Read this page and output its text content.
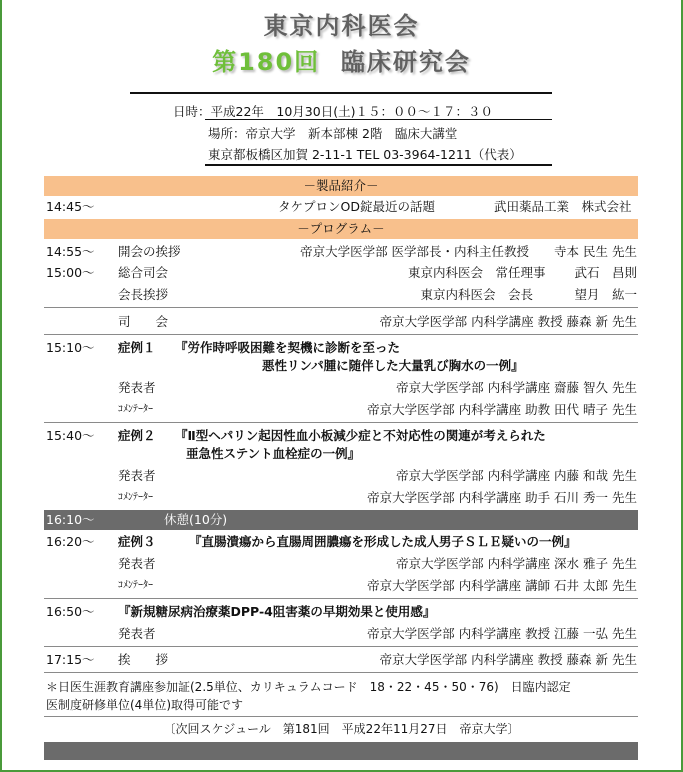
東京内科医会
第180回 臨床研究会
日時：平成22年　10月30日(土)１５：００～１７：３０
場所：帝京大学　新本部棟 2階　臨床大講堂
東京都板橋区加賀 2-11-1 TEL 03-3964-1211（代表）
－製品紹介－
14:45～	タケプロンOD錠最近の話題	武田薬品工業　株式会社
－プログラム－
14:55～ 開会の挨拶	帝京大学医学部 医学部長・内科主任教授　　寺本 民生 先生
15:00～ 総合司会	東京内科医会　常任理事　　 武石　昌則
会長挨拶	東京内科医会　会長　　　 望月　紘一
司　　会	帝京大学医学部 内科学講座 教授 藤森 新 先生
15:10～ 症例１ 『労作時呼吸困難を契機に診断を至った
悪性リンパ腫に随伴した大量乳び胸水の一例』
発表者	帝京大学医学部 内科学講座 齋藤 智久 先生
ｺﾒﾝﾃｰﾀｰ	帝京大学医学部 内科学講座 助教 田代 晴子 先生
15:40～ 症例２ 『Ⅱ型ヘパリン起因性血小板減少症と不対応性の関連が考えられた
亜急性ステント血栓症の一例』
発表者	帝京大学医学部 内科学講座 内藤 和哉 先生
ｺﾒﾝﾃｰﾀｰ	帝京大学医学部 内科学講座 助手 石川 秀一 先生
16:10～	休憩(10分)
16:20～ 症例３	『直腸潰瘍から直腸周囲膿瘍を形成した成人男子ＳＬＥ疑いの一例』
発表者	帝京大学医学部 内科学講座 深水 雅子 先生
ｺﾒﾝﾃｰﾀｰ	帝京大学医学部 内科学講座 講師 石井 太郎 先生
16:50～ 『新規糖尿病治療薬DPP-4阻害薬の早期効果と使用感』
発表者	帝京大学医学部 内科学講座 教授 江藤 一弘 先生
17:15～ 挨　　拶	帝京大学医学部 内科学講座 教授 藤森 新 先生
＊日医生涯教育講座参加証(2.5単位、カリキュラムコード　18・22・45・50・76)　日臨内認定
医制度研修単位(4単位)取得可能です
〔次回スケジュール　第181回　平成22年11月27日　帝京大学〕
